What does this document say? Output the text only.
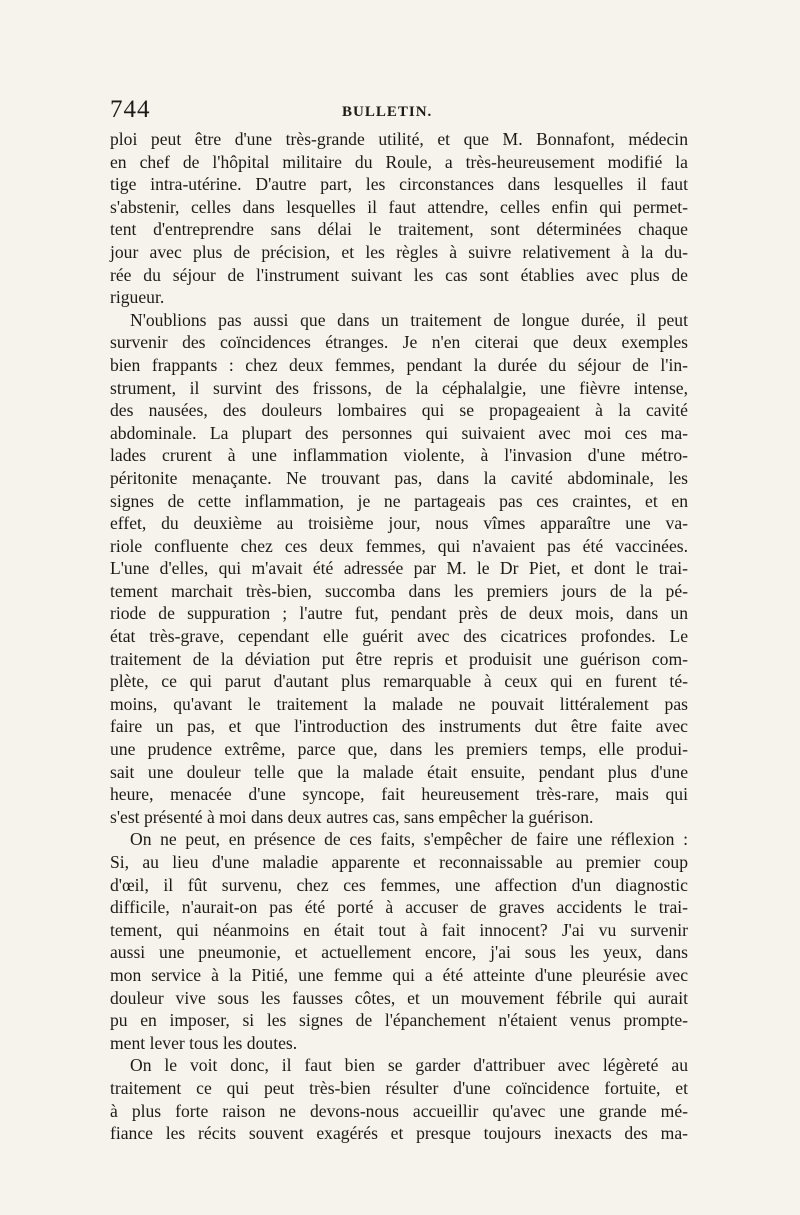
744	BULLETIN.
ploi peut être d'une très-grande utilité, et que M. Bonnafont, médecin
en chef de l'hôpital militaire du Roule, a très-heureusement modifié la
tige intra-utérine. D'autre part, les circonstances dans lesquelles il faut
s'abstenir, celles dans lesquelles il faut attendre, celles enfin qui permet-
tent d'entreprendre sans délai le traitement, sont déterminées chaque
jour avec plus de précision, et les règles à suivre relativement à la du-
rée du séjour de l'instrument suivant les cas sont établies avec plus de
rigueur.
N'oublions pas aussi que dans un traitement de longue durée, il peut
survenir des coïncidences étranges. Je n'en citerai que deux exemples
bien frappants : chez deux femmes, pendant la durée du séjour de l'in-
strument, il survint des frissons, de la céphalalgie, une fièvre intense,
des nausées, des douleurs lombaires qui se propageaient à la cavité
abdominale. La plupart des personnes qui suivaient avec moi ces ma-
lades crurent à une inflammation violente, à l'invasion d'une métro-
péritonite menaçante. Ne trouvant pas, dans la cavité abdominale, les
signes de cette inflammation, je ne partageais pas ces craintes, et en
effet, du deuxième au troisième jour, nous vîmes apparaître une va-
riole confluente chez ces deux femmes, qui n'avaient pas été vaccinées.
L'une d'elles, qui m'avait été adressée par M. le Dr Piet, et dont le trai-
tement marchait très-bien, succomba dans les premiers jours de la pé-
riode de suppuration ; l'autre fut, pendant près de deux mois, dans un
état très-grave, cependant elle guérit avec des cicatrices profondes. Le
traitement de la déviation put être repris et produisit une guérison com-
plète, ce qui parut d'autant plus remarquable à ceux qui en furent té-
moins, qu'avant le traitement la malade ne pouvait littéralement pas
faire un pas, et que l'introduction des instruments dut être faite avec
une prudence extrême, parce que, dans les premiers temps, elle produi-
sait une douleur telle que la malade était ensuite, pendant plus d'une
heure, menacée d'une syncope, fait heureusement très-rare, mais qui
s'est présenté à moi dans deux autres cas, sans empêcher la guérison.
On ne peut, en présence de ces faits, s'empêcher de faire une réflexion :
Si, au lieu d'une maladie apparente et reconnaissable au premier coup
d'œil, il fût survenu, chez ces femmes, une affection d'un diagnostic
difficile, n'aurait-on pas été porté à accuser de graves accidents le trai-
tement, qui néanmoins en était tout à fait innocent? J'ai vu survenir
aussi une pneumonie, et actuellement encore, j'ai sous les yeux, dans
mon service à la Pitié, une femme qui a été atteinte d'une pleurésie avec
douleur vive sous les fausses côtes, et un mouvement fébrile qui aurait
pu en imposer, si les signes de l'épanchement n'étaient venus prompte-
ment lever tous les doutes.
On le voit donc, il faut bien se garder d'attribuer avec légèreté au
traitement ce qui peut très-bien résulter d'une coïncidence fortuite, et
à plus forte raison ne devons-nous accueillir qu'avec une grande mé-
fiance les récits souvent exagérés et presque toujours inexacts des ma-
